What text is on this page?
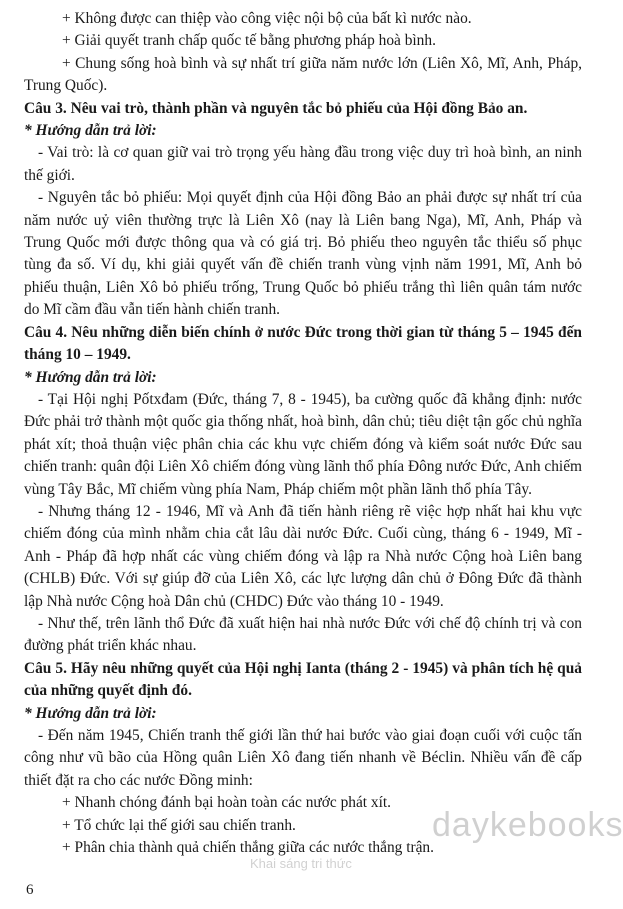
+ Không được can thiệp vào công việc nội bộ của bất kì nước nào.

+ Giải quyết tranh chấp quốc tế bằng phương pháp hoà bình.

+ Chung sống hoà bình và sự nhất trí giữa năm nước lớn (Liên Xô, Mĩ, Anh, Pháp, Trung Quốc).

Câu 3. Nêu vai trò, thành phần và nguyên tắc bỏ phiếu của Hội đồng Bảo an.

* Hướng dẫn trả lời:

- Vai trò: là cơ quan giữ vai trò trọng yếu hàng đầu trong việc duy trì hoà bình, an ninh thế giới.

- Nguyên tắc bỏ phiếu: Mọi quyết định của Hội đồng Bảo an phải được sự nhất trí của năm nước uỷ viên thường trực là Liên Xô (nay là Liên bang Nga), Mĩ, Anh, Pháp và Trung Quốc mới được thông qua và có giá trị. Bỏ phiếu theo nguyên tắc thiểu số phục tùng đa số. Ví dụ, khi giải quyết vấn đề chiến tranh vùng vịnh năm 1991, Mĩ, Anh bỏ phiếu thuận, Liên Xô bỏ phiếu trống, Trung Quốc bỏ phiếu trắng thì liên quân tám nước do Mĩ cầm đầu vẫn tiến hành chiến tranh.

Câu 4. Nêu những diễn biến chính ở nước Đức trong thời gian từ tháng 5 – 1945 đến tháng 10 – 1949.

* Hướng dẫn trả lời:

- Tại Hội nghị Pốtxđam (Đức, tháng 7, 8 - 1945), ba cường quốc đã khẳng định: nước Đức phải trở thành một quốc gia thống nhất, hoà bình, dân chủ; tiêu diệt tận gốc chủ nghĩa phát xít; thoả thuận việc phân chia các khu vực chiếm đóng và kiểm soát nước Đức sau chiến tranh: quân đội Liên Xô chiếm đóng vùng lãnh thổ phía Đông nước Đức, Anh chiếm vùng Tây Bắc, Mĩ chiếm vùng phía Nam, Pháp chiếm một phần lãnh thổ phía Tây.

- Nhưng tháng 12 - 1946, Mĩ và Anh đã tiến hành riêng rẽ việc hợp nhất hai khu vực chiếm đóng của mình nhằm chia cắt lâu dài nước Đức. Cuối cùng, tháng 6 - 1949, Mĩ - Anh - Pháp đã hợp nhất các vùng chiếm đóng và lập ra Nhà nước Cộng hoà Liên bang (CHLB) Đức. Với sự giúp đỡ của Liên Xô, các lực lượng dân chủ ở Đông Đức đã thành lập Nhà nước Cộng hoà Dân chủ (CHDC) Đức vào tháng 10 - 1949.

- Như thế, trên lãnh thổ Đức đã xuất hiện hai nhà nước Đức với chế độ chính trị và con đường phát triển khác nhau.

Câu 5. Hãy nêu những quyết của Hội nghị Ianta (tháng 2 - 1945) và phân tích hệ quả của những quyết định đó.

* Hướng dẫn trả lời:

- Đến năm 1945, Chiến tranh thế giới lần thứ hai bước vào giai đoạn cuối với cuộc tấn công như vũ bão của Hồng quân Liên Xô đang tiến nhanh về Béclin. Nhiều vấn đề cấp thiết đặt ra cho các nước Đồng minh:

+ Nhanh chóng đánh bại hoàn toàn các nước phát xít.

+ Tổ chức lại thế giới sau chiến tranh.

+ Phân chia thành quả chiến thắng giữa các nước thắng trận.

daykebooks
Khai sáng tri thức
6
